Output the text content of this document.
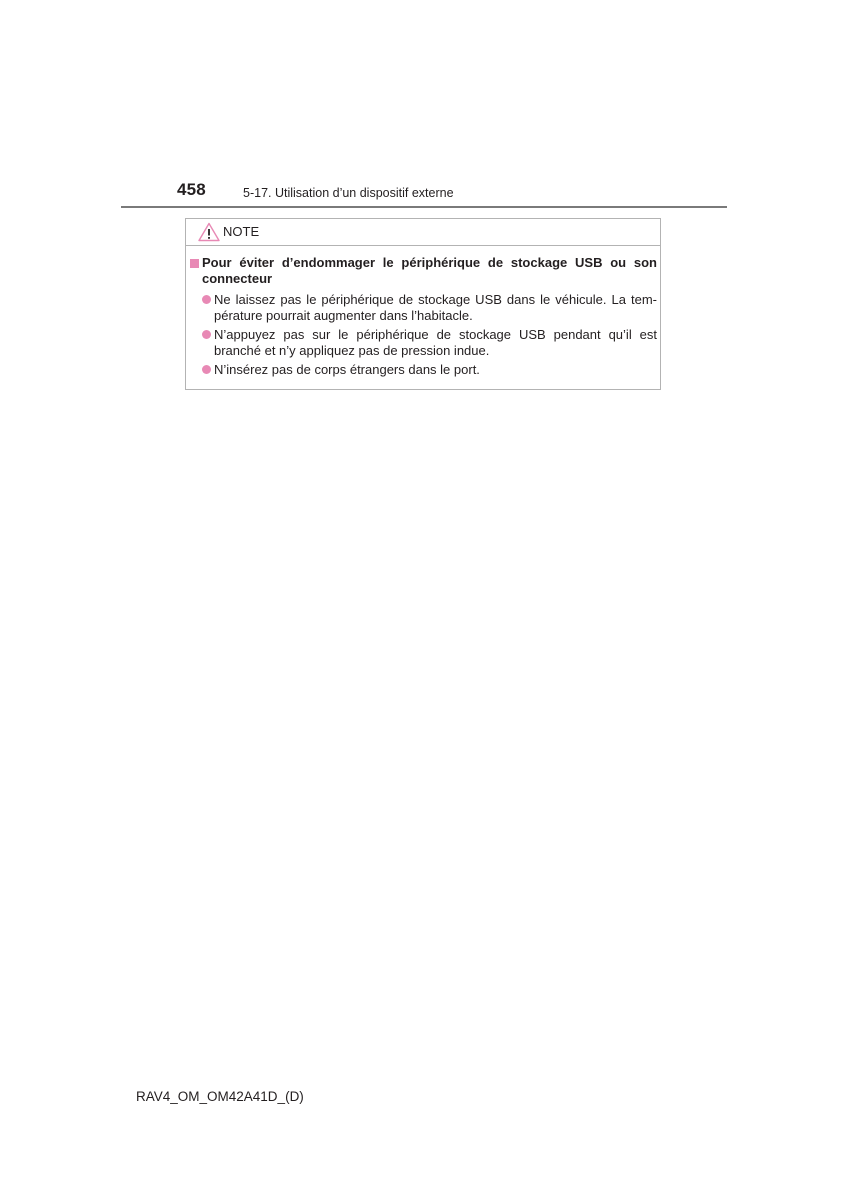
458	5-17. Utilisation d’un dispositif externe
NOTE
Pour éviter d’endommager le périphérique de stockage USB ou son connecteur
Ne laissez pas le périphérique de stockage USB dans le véhicule. La température pourrait augmenter dans l’habitacle.
N’appuyez pas sur le périphérique de stockage USB pendant qu’il est branché et n’y appliquez pas de pression indue.
N’insérez pas de corps étrangers dans le port.
RAV4_OM_OM42A41D_(D)
